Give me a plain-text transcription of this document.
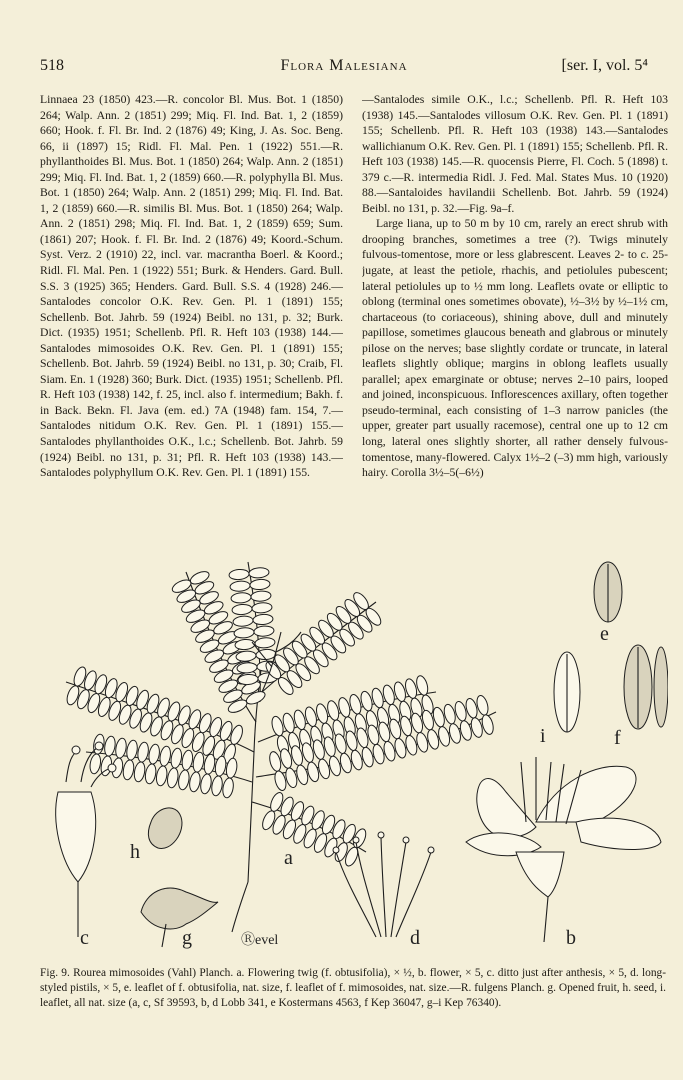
518	Flora Malesiana	[ser. I, vol. 5⁴

Linnaea 23 (1850) 423.—R. concolor Bl. Mus. Bot. 1 (1850) 264; Walp. Ann. 2 (1851) 299; Miq. Fl. Ind. Bat. 1, 2 (1859) 660; Hook. f. Fl. Br. Ind. 2 (1876) 49; King, J. As. Soc. Beng. 66, ii (1897) 15; Ridl. Fl. Mal. Pen. 1 (1922) 551.—R. phyllanthoides Bl. Mus. Bot. 1 (1850) 264; Walp. Ann. 2 (1851) 299; Miq. Fl. Ind. Bat. 1, 2 (1859) 660.—R. polyphylla Bl. Mus. Bot. 1 (1850) 264; Walp. Ann. 2 (1851) 299; Miq. Fl. Ind. Bat. 1, 2 (1859) 660.—R. similis Bl. Mus. Bot. 1 (1850) 264; Walp. Ann. 2 (1851) 298; Miq. Fl. Ind. Bat. 1, 2 (1859) 659; Sum. (1861) 207; Hook. f. Fl. Br. Ind. 2 (1876) 49; Koord.-Schum. Syst. Verz. 2 (1910) 22, incl. var. macrantha Boerl. & Koord.; Ridl. Fl. Mal. Pen. 1 (1922) 551; Burk. & Henders. Gard. Bull. S.S. 3 (1925) 365; Henders. Gard. Bull. S.S. 4 (1928) 246.—Santalodes concolor O.K. Rev. Gen. Pl. 1 (1891) 155; Schellenb. Bot. Jahrb. 59 (1924) Beibl. no 131, p. 32; Burk. Dict. (1935) 1951; Schellenb. Pfl. R. Heft 103 (1938) 144.—Santalodes mimosoides O.K. Rev. Gen. Pl. 1 (1891) 155; Schellenb. Bot. Jahrb. 59 (1924) Beibl. no 131, p. 30; Craib, Fl. Siam. En. 1 (1928) 360; Burk. Dict. (1935) 1951; Schellenb. Pfl. R. Heft 103 (1938) 142, f. 25, incl. also f. intermedium; Bakh. f. in Back. Bekn. Fl. Java (em. ed.) 7A (1948) fam. 154, 7.—Santalodes nitidum O.K. Rev. Gen. Pl. 1 (1891) 155.—Santalodes phyllanthoides O.K., l.c.; Schellenb. Bot. Jahrb. 59 (1924) Beibl. no 131, p. 31; Pfl. R. Heft 103 (1938) 143.—Santalodes polyphyllum O.K. Rev. Gen. Pl. 1 (1891) 155.

—Santalodes simile O.K., l.c.; Schellenb. Pfl. R. Heft 103 (1938) 145.—Santalodes villosum O.K. Rev. Gen. Pl. 1 (1891) 155; Schellenb. Pfl. R. Heft 103 (1938) 143.—Santalodes wallichianum O.K. Rev. Gen. Pl. 1 (1891) 155; Schellenb. Pfl. R. Heft 103 (1938) 145.—R. quocensis Pierre, Fl. Coch. 5 (1898) t. 379 c.—R. intermedia Ridl. J. Fed. Mal. States Mus. 10 (1920) 88.—Santaloides havilandii Schellenb. Bot. Jahrb. 59 (1924) Beibl. no 131, p. 32.—Fig. 9a–f.

Large liana, up to 50 m by 10 cm, rarely an erect shrub with drooping branches, sometimes a tree (?). Twigs minutely fulvous-tomentose, more or less glabrescent. Leaves 2- to c. 25-jugate, at least the petiole, rhachis, and petiolules pubescent; lateral petiolules up to ½ mm long. Leaflets ovate or elliptic to oblong (terminal ones sometimes obovate), ½–3½ by ½–1½ cm, chartaceous (to coriaceous), shining above, dull and minutely papillose, sometimes glaucous beneath and glabrous or minutely pilose on the nerves; base slightly cordate or truncate, in lateral leaflets slightly oblique; margins in oblong leaflets usually parallel; apex emarginate or obtuse; nerves 2–10 pairs, looped and joined, inconspicuous. Inflorescences axillary, often together pseudo-terminal, each consisting of 1–3 narrow panicles (the upper, greater part usually racemose), central one up to 12 cm long, lateral ones slightly shorter, all rather densely fulvous-tomentose, many-flowered. Calyx 1½–2 (–3) mm high, variously hairy. Corolla 3½–5(–6½)

a
b
c	d
e
f
g
h
i
Ⓡevel

Fig. 9. Rourea mimosoides (Vahl) Planch. a. Flowering twig (f. obtusifolia), × ½, b. flower, × 5, c. ditto just after anthesis, × 5, d. long-styled pistils, × 5, e. leaflet of f. obtusifolia, nat. size, f. leaflet of f. mimosoides, nat. size.—R. fulgens Planch. g. Opened fruit, h. seed, i. leaflet, all nat. size (a, c, Sf 39593, b, d Lobb 341, e Kostermans 4563, f Kep 36047, g–i Kep 76340).
